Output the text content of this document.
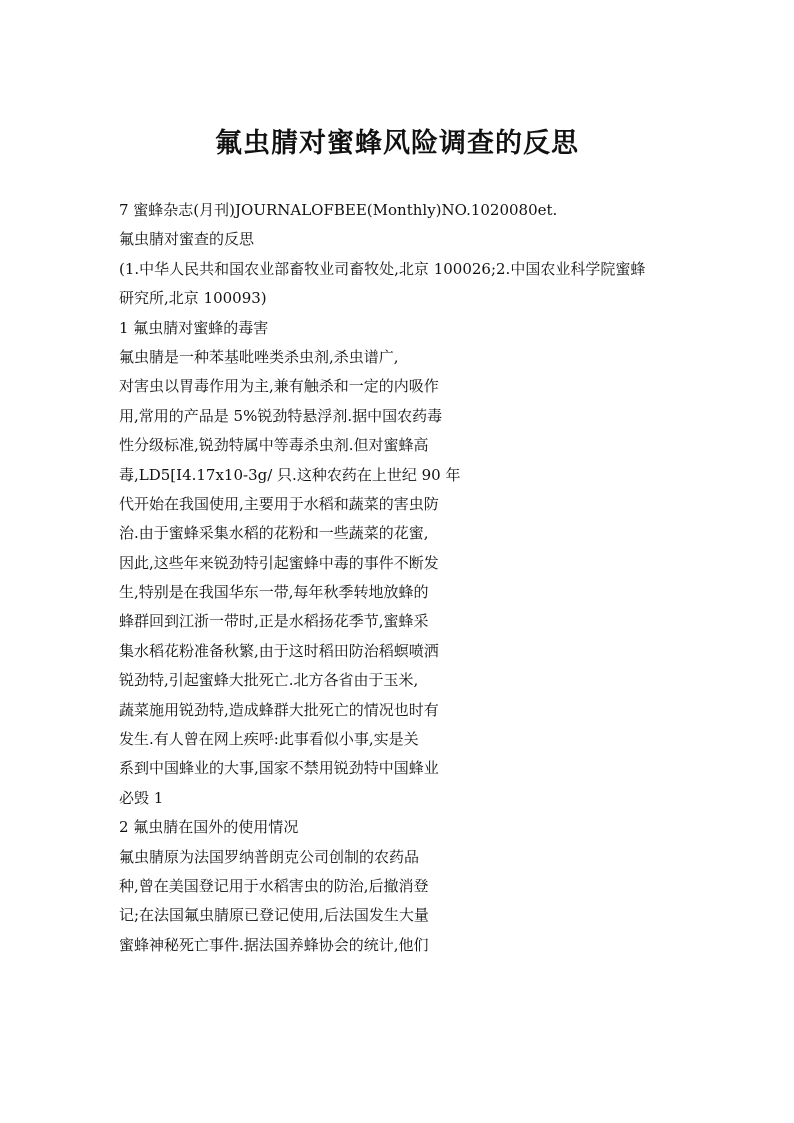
氟虫腈对蜜蜂风险调查的反思

7 蜜蜂杂志(月刊)JOURNALOFBEE(Monthly)NO.1020080et.

氟虫腈对蜜查的反思

(1.中华人民共和国农业部畜牧业司畜牧处,北京 100026;2.中国农业科学院蜜蜂

研究所,北京 100093)

1 氟虫腈对蜜蜂的毒害

氟虫腈是一种苯基吡唑类杀虫剂,杀虫谱广,

对害虫以胃毒作用为主,兼有触杀和一定的内吸作

用,常用的产品是 5%锐劲特悬浮剂.据中国农药毒

性分级标准,锐劲特属中等毒杀虫剂.但对蜜蜂高

毒,LD5[I4.17x10-3g/ 只.这种农药在上世纪 90 年

代开始在我国使用,主要用于水稻和蔬菜的害虫防

治.由于蜜蜂采集水稻的花粉和一些蔬菜的花蜜,

因此,这些年来锐劲特引起蜜蜂中毒的事件不断发

生,特别是在我国华东一带,每年秋季转地放蜂的

蜂群回到江浙一带时,正是水稻扬花季节,蜜蜂采

集水稻花粉准备秋繁,由于这时稻田防治稻螟喷洒

锐劲特,引起蜜蜂大批死亡.北方各省由于玉米,

蔬菜施用锐劲特,造成蜂群大批死亡的情况也时有

发生.有人曾在网上疾呼:此事看似小事,实是关

系到中国蜂业的大事,国家不禁用锐劲特中国蜂业

必毁 1

2 氟虫腈在国外的使用情况

氟虫腈原为法国罗纳普朗克公司创制的农药品

种,曾在美国登记用于水稻害虫的防治,后撤消登

记;在法国氟虫腈原已登记使用,后法国发生大量

蜜蜂神秘死亡事件.据法国养蜂协会的统计,他们
